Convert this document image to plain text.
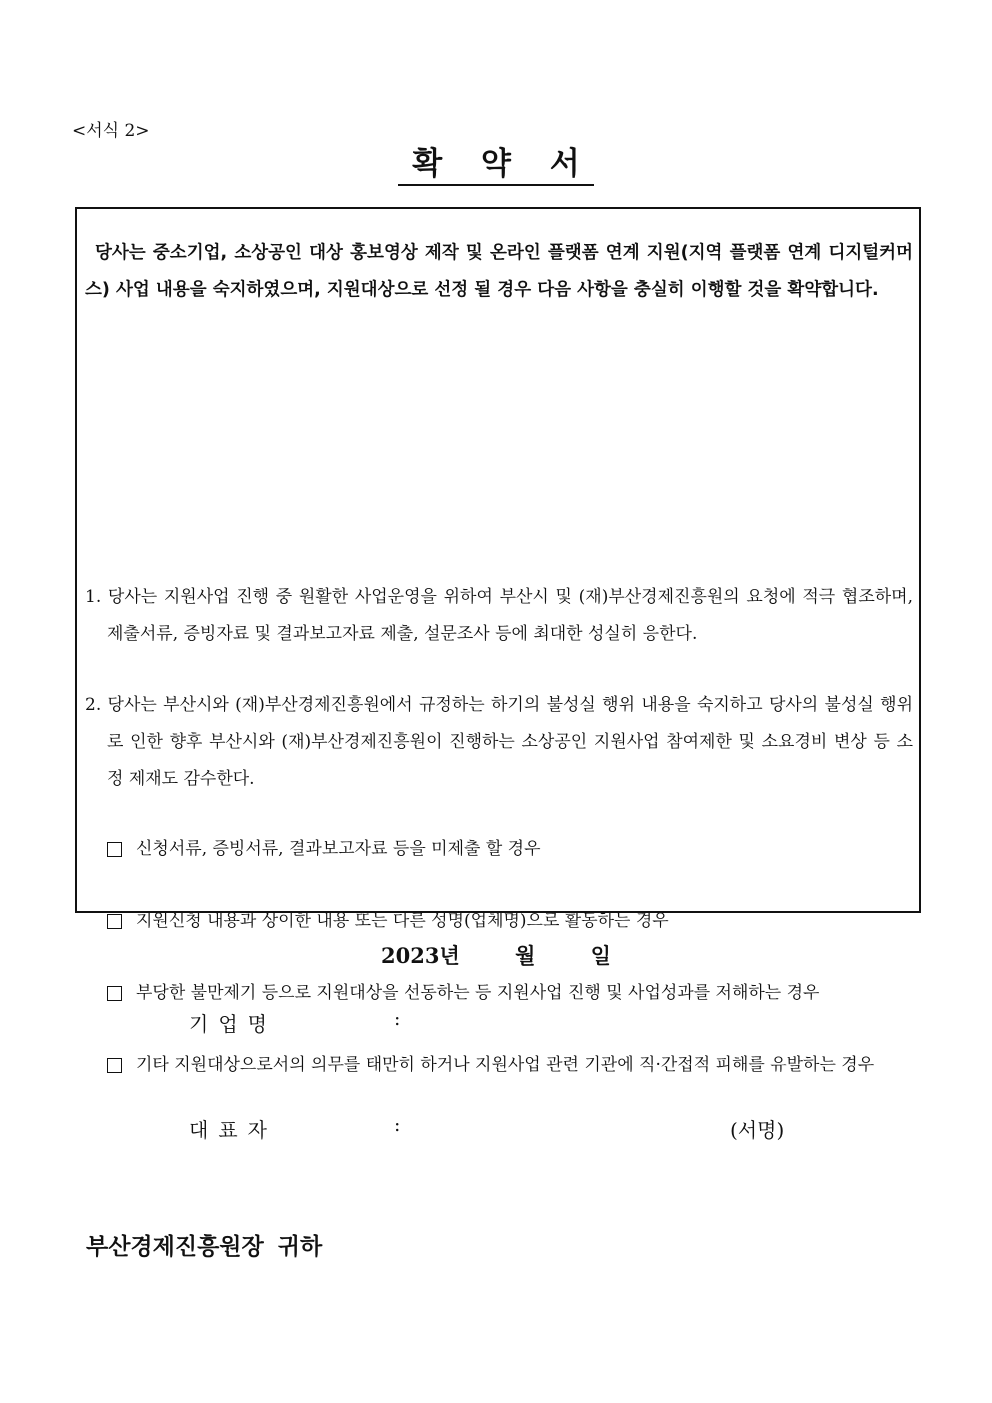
<서식 2>
확 약 서

당사는 중소기업, 소상공인 대상 홍보영상 제작 및 온라인 플랫폼 연계 지원(지역 플랫폼 연계 디지털커머스) 사업 내용을 숙지하였으며, 지원대상으로 선정 될 경우 다음 사항을 충실히 이행할 것을 확약합니다.

1. 당사는 지원사업 진행 중 원활한 사업운영을 위하여 부산시 및 (재)부산경제진흥원의 요청에 적극 협조하며, 제출서류, 증빙자료 및 결과보고자료 제출, 설문조사 등에 최대한 성실히 응한다.

2. 당사는 부산시와 (재)부산경제진흥원에서 규정하는 하기의 불성실 행위 내용을 숙지하고 당사의 불성실 행위로 인한 향후 부산시와 (재)부산경제진흥원이 진행하는 소상공인 지원사업 참여제한 및 소요경비 변상 등 소정 제재도 감수한다.

신청서류, 증빙서류, 결과보고자료 등을 미제출 할 경우
지원신청 내용과 상이한 내용 또는 다른 성명(업체명)으로 활동하는 경우
부당한 불만제기 등으로 지원대상을 선동하는 등 지원사업 진행 및 사업성과를 저해하는 경우
기타 지원대상으로서의 의무를 태만히 하거나 지원사업 관련 기관에 직·간접적 피해를 유발하는 경우
2023년	월	일
기업명	:
대표자	:	(서명)
부산경제진흥원장 귀하
